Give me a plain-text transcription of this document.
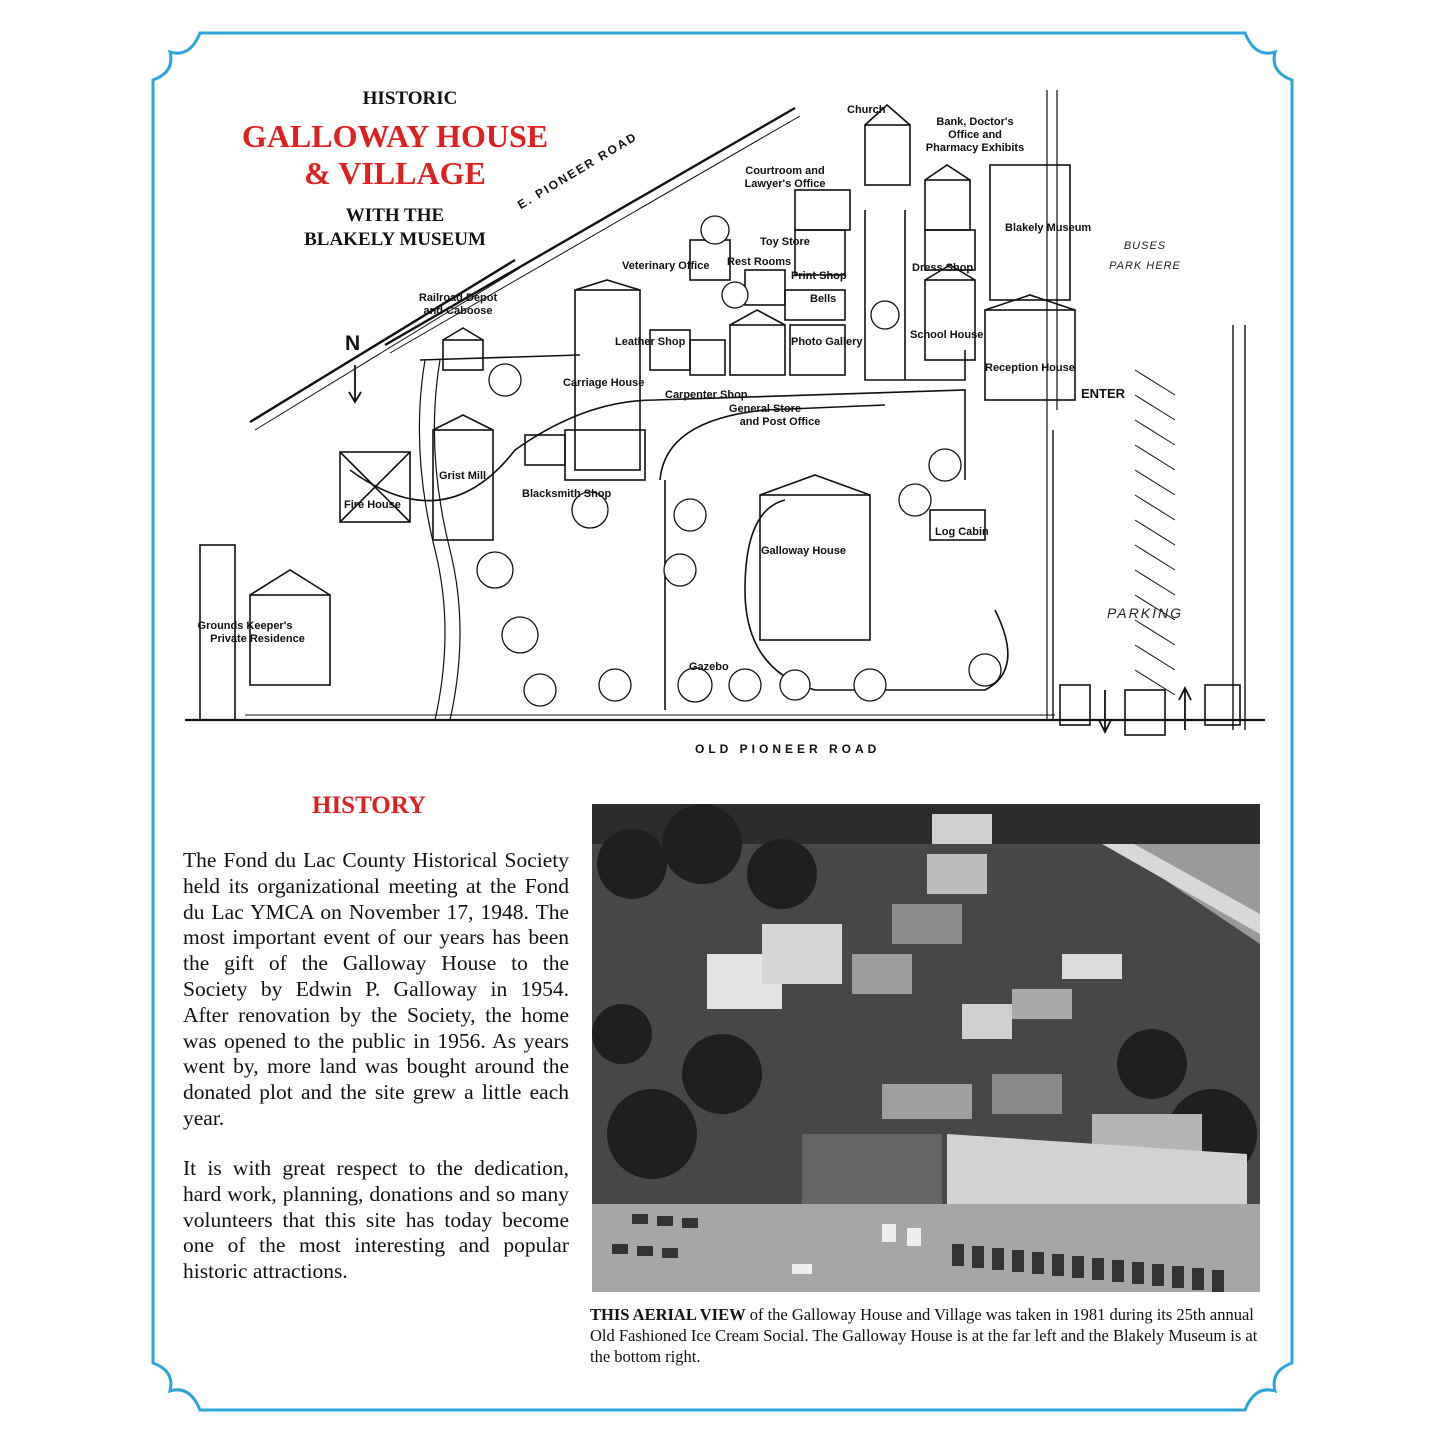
HISTORIC
GALLOWAY HOUSE
& VILLAGE
WITH THE
BLAKELY MUSEUM
E. PIONEER ROAD
OLD PIONEER ROAD
N
Church
Bank, Doctor's
Office and
Pharmacy Exhibits
Courtroom and
Lawyer's Office
Blakely Museum
Toy Store
Veterinary Office Rest Rooms
Print Shop
Dress Shop
Bells
Railroad Depot
and Caboose
Leather Shop	Photo Gallery
School House
Reception House
Carriage House
Carpenter Shop
General Store
and Post Office
ENTER
Grist Mill
Fire House
Blacksmith Shop
Log Cabin
Galloway House
Grounds Keeper's
Private Residence
Gazebo
PARKING
BUSES
PARK HERE
HISTORY

The Fond du Lac County Historical Society held its organizational meeting at the Fond du Lac YMCA on November 17, 1948. The most important event of our years has been the gift of the Galloway House to the Society by Edwin P. Galloway in 1954. After renovation by the Society, the home was opened to the public in 1956. As years went by, more land was bought around the donated plot and the site grew a little each year.

It is with great respect to the dedication, hard work, planning, donations and so many volunteers that this site has today become one of the most interesting and popular historic attractions.

THIS AERIAL VIEW of the Galloway House and Village was taken in 1981 during its 25th annual Old Fashioned Ice Cream Social. The Galloway House is at the far left and the Blakely Museum is at the bottom right.
